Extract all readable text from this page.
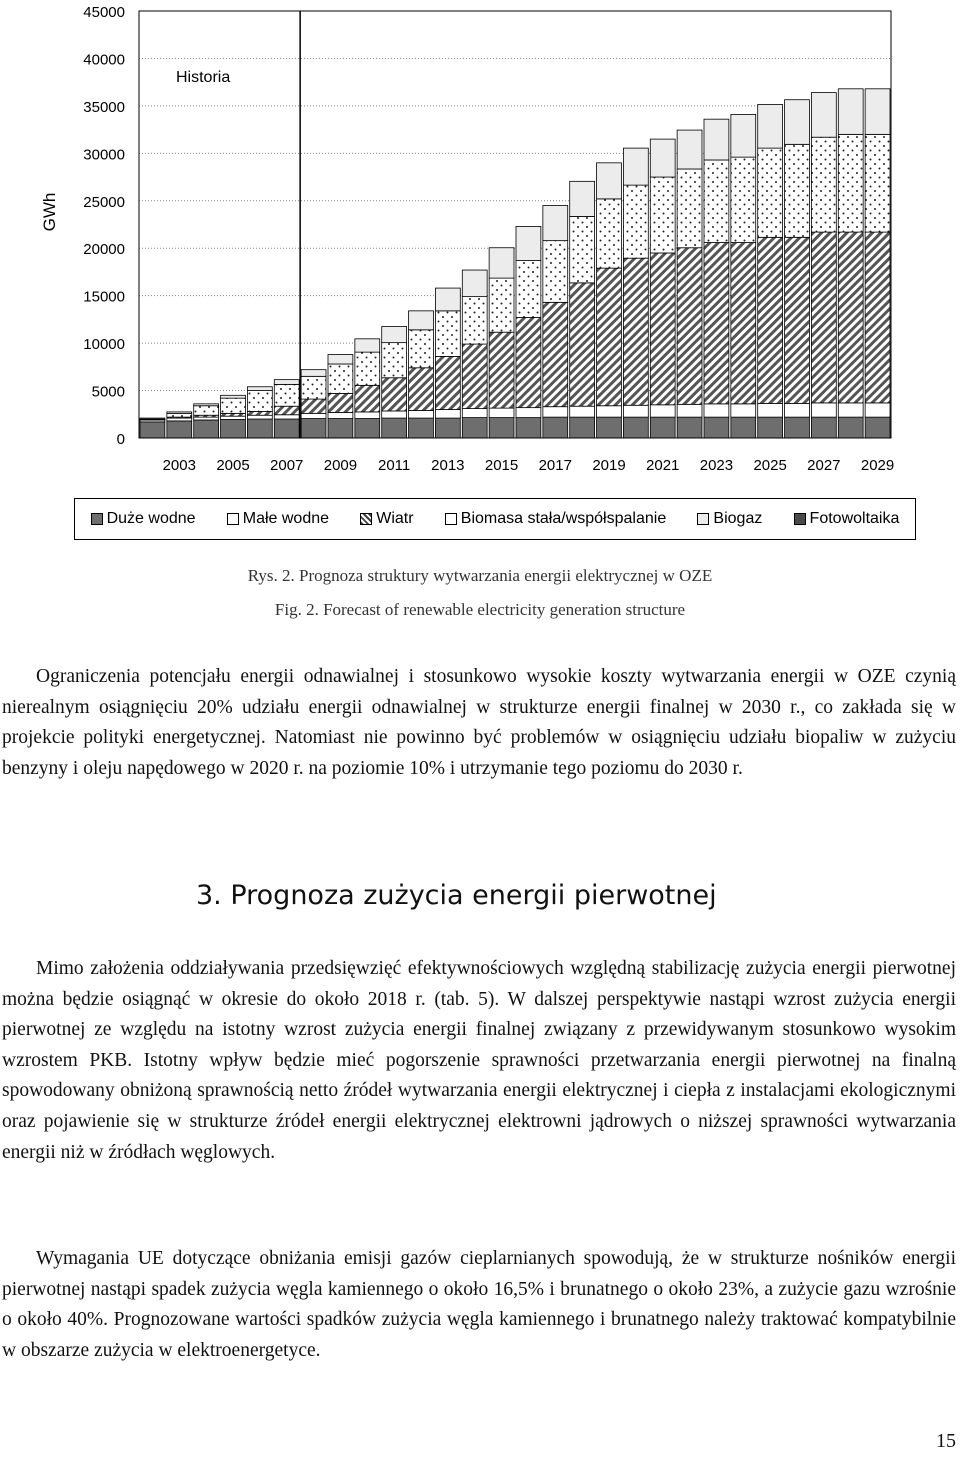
0
5000
10000
15000
20000
25000
30000
35000
40000
45000
GWh
2003 2005 2007 2009 2011 2013 2015 2017 2019 2021 2023 2025 2027 2029
Historia
Duże wodne	Małe wodne	Wiatr	Biomasa stała/współspalanie	Biogaz	Fotowoltaika
Rys. 2. Prognoza struktury wytwarzania energii elektrycznej w OZE
Fig. 2. Forecast of renewable electricity generation structure

Ograniczenia potencjału energii odnawialnej i stosunkowo wysokie koszty wytwarzania energii w OZE czynią nierealnym osiągnięciu 20% udziału energii odnawialnej w strukturze energii finalnej w 2030 r., co zakłada się w projekcie polityki energetycznej. Natomiast nie powinno być problemów w osiągnięciu udziału biopaliw w zużyciu benzyny i oleju napędowego w 2020 r. na poziomie 10% i utrzymanie tego poziomu do 2030 r.

3. Prognoza zużycia energii pierwotnej

Mimo założenia oddziaływania przedsięwzięć efektywnościowych względną stabilizację zużycia energii pierwotnej można będzie osiągnąć w okresie do około 2018 r. (tab. 5). W dalszej perspektywie nastąpi wzrost zużycia energii pierwotnej ze względu na istotny wzrost zużycia energii finalnej związany z przewidywanym stosunkowo wysokim wzrostem PKB. Istotny wpływ będzie mieć pogorszenie sprawności przetwarzania energii pierwotnej na finalną spowodowany obniżoną sprawnością netto źródeł wytwarzania energii elektrycznej i ciepła z instalacjami ekologicznymi oraz pojawienie się w strukturze źródeł energii elektrycznej elektrowni jądrowych o niższej sprawności wytwarzania energii niż w źródłach węglowych.

Wymagania UE dotyczące obniżania emisji gazów cieplarnianych spowodują, że w strukturze nośników energii pierwotnej nastąpi spadek zużycia węgla kamiennego o około 16,5% i brunatnego o około 23%, a zużycie gazu wzrośnie o około 40%. Prognozowane wartości spadków zużycia węgla kamiennego i brunatnego należy traktować kompatybilnie w obszarze zużycia w elektroenergetyce.

15
